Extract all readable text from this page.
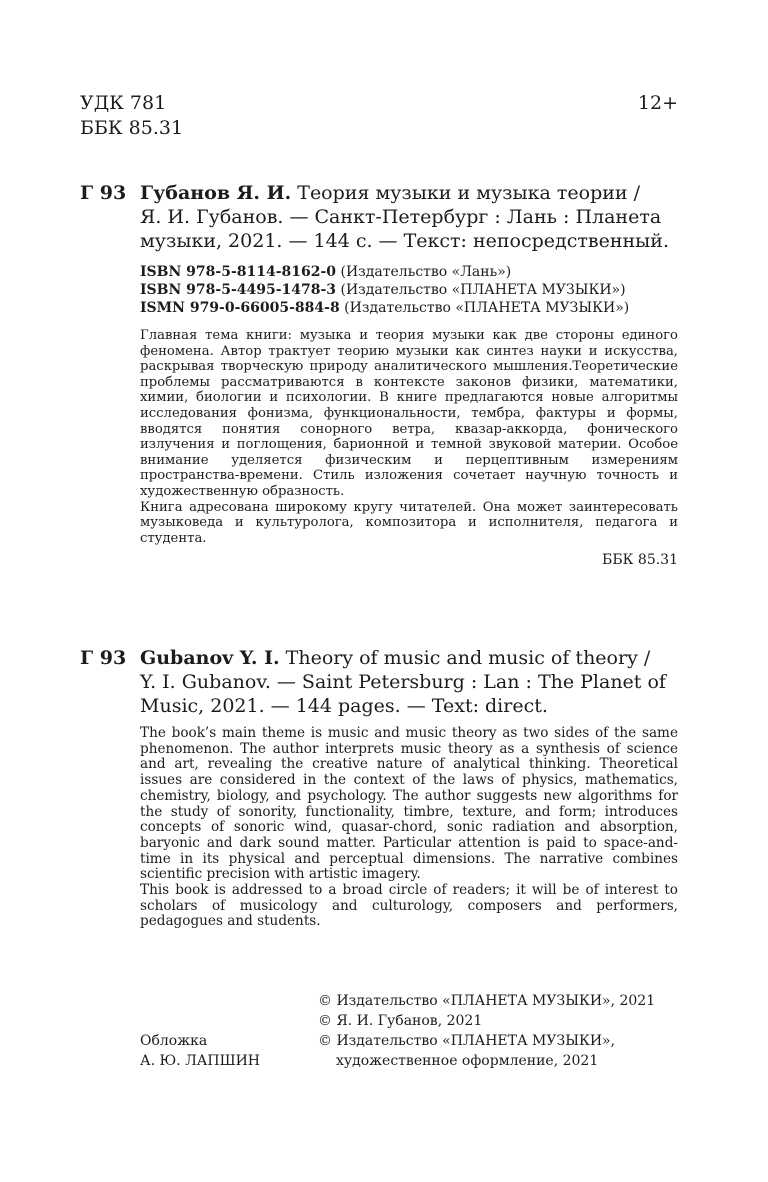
УДК 781
ББК 85.31
12+
Г 93 Губанов Я. И. Теория музыки и музыка теории /
Я. И. Губанов. — Санкт-Петербург : Лань : Планета
музыки, 2021. — 144 с. — Текст: непосредственный.
ISBN 978-5-8114-8162-0 (Издательство «Лань»)
ISBN 978-5-4495-1478-3 (Издательство «ПЛАНЕТА МУЗЫКИ»)
ISMN 979-0-66005-884-8 (Издательство «ПЛАНЕТА МУЗЫКИ»)

Главная тема книги: музыка и теория музыки как две стороны единого феномена. Автор трактует теорию музыки как синтез науки и искусства, раскрывая творческую природу аналитического мышления.Теоретические проблемы рассматриваются в контексте законов физики, математики, химии, биологии и психологии. В книге предлагаются новые алгоритмы исследования фонизма, функциональности, тембра, фактуры и формы, вводятся понятия сонорного ветра, квазар-аккорда, фонического излучения и поглощения, барионной и темной звуковой материи. Особое внимание уделяется физическим и перцептивным измерениям пространства-времени. Стиль изложения сочетает научную точность и художественную образность.

Книга адресована широкому кругу читателей. Она может заинтересовать музыковеда и культуролога, композитора и исполнителя, педагога и студента.

ББК 85.31
Г 93 Gubanov Y. I. Theory of music and music of theory /
Y. I. Gubanov. — Saint Petersburg : Lan : The Planet of
Music, 2021. — 144 pages. — Text: direct.

The book’s main theme is music and music theory as two sides of the same phenomenon. The author interprets music theory as a synthesis of science and art, revealing the creative nature of analytical thinking. Theoretical issues are considered in the context of the laws of physics, mathematics, chemistry, biology, and psychology. The author suggests new algorithms for the study of sonority, functionality, timbre, texture, and form; introduces concepts of sonoric wind, quasar-chord, sonic radiation and absorption, baryonic and dark sound matter. Particular attention is paid to space-and-time in its physical and perceptual dimensions. The narrative combines scientific precision with artistic imagery.

This book is addressed to a broad circle of readers; it will be of interest to scholars of musicology and culturology, composers and performers, pedagogues and students.

Обложка
А. Ю. ЛАПШИН
© Издательство «ПЛАНЕТА МУЗЫКИ», 2021
© Я. И. Губанов, 2021
© Издательство «ПЛАНЕТА МУЗЫКИ»,
художественное оформление, 2021
